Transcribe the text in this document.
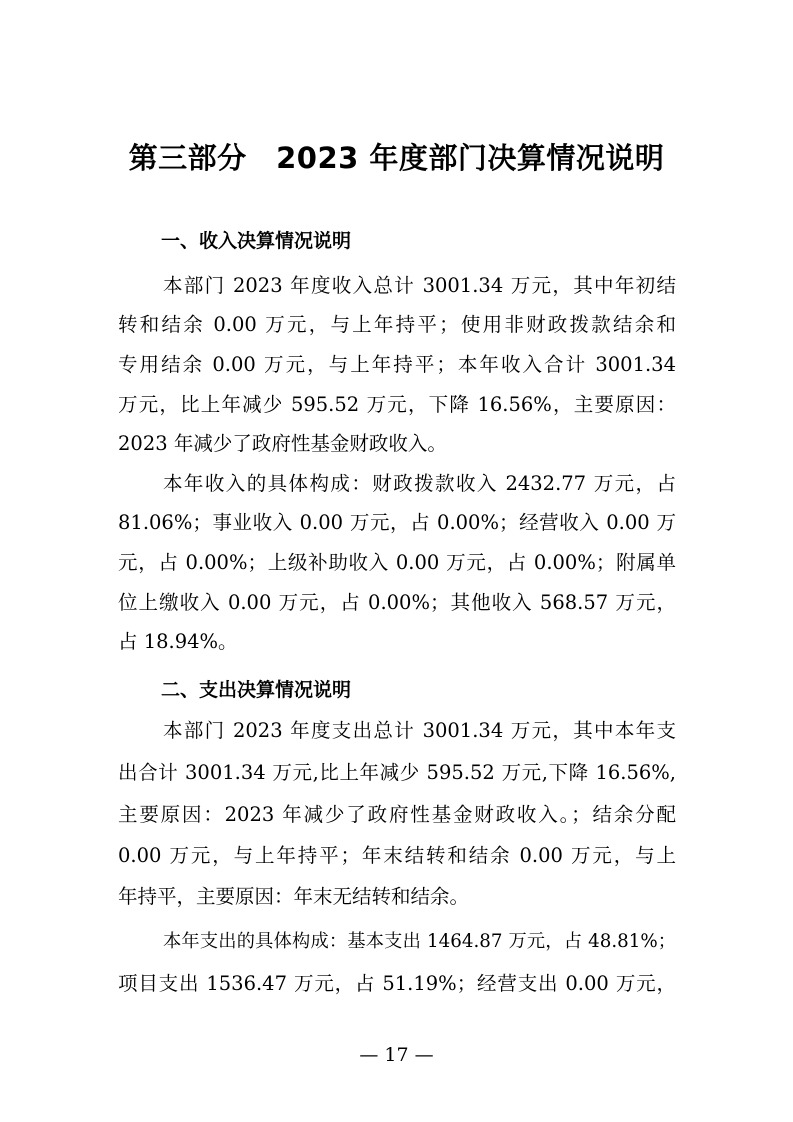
第三部分　2023 年度部门决算情况说明
一、收入决算情况说明
本部门 2023 年度收入总计 3001.34 万元，其中年初结
转和结余 0.00 万元，与上年持平；使用非财政拨款结余和
专用结余 0.00 万元，与上年持平；本年收入合计 3001.34
万元，比上年减少 595.52 万元，下降 16.56%，主要原因：
2023 年减少了政府性基金财政收入。
本年收入的具体构成：财政拨款收入 2432.77 万元，占
81.06%；事业收入 0.00 万元，占 0.00%；经营收入 0.00 万
元，占 0.00%；上级补助收入 0.00 万元，占 0.00%；附属单
位上缴收入 0.00 万元，占 0.00%；其他收入 568.57 万元，
占 18.94%。
二、支出决算情况说明
本部门 2023 年度支出总计 3001.34 万元，其中本年支
出合计 3001.34 万元,比上年减少 595.52 万元,下降 16.56%,
主要原因：2023 年减少了政府性基金财政收入。；结余分配
0.00 万元，与上年持平；年末结转和结余 0.00 万元，与上
年持平，主要原因：年末无结转和结余。
本年支出的具体构成：基本支出 1464.87 万元，占 48.81%；
项目支出 1536.47 万元，占 51.19%；经营支出 0.00 万元，
— 17 —
